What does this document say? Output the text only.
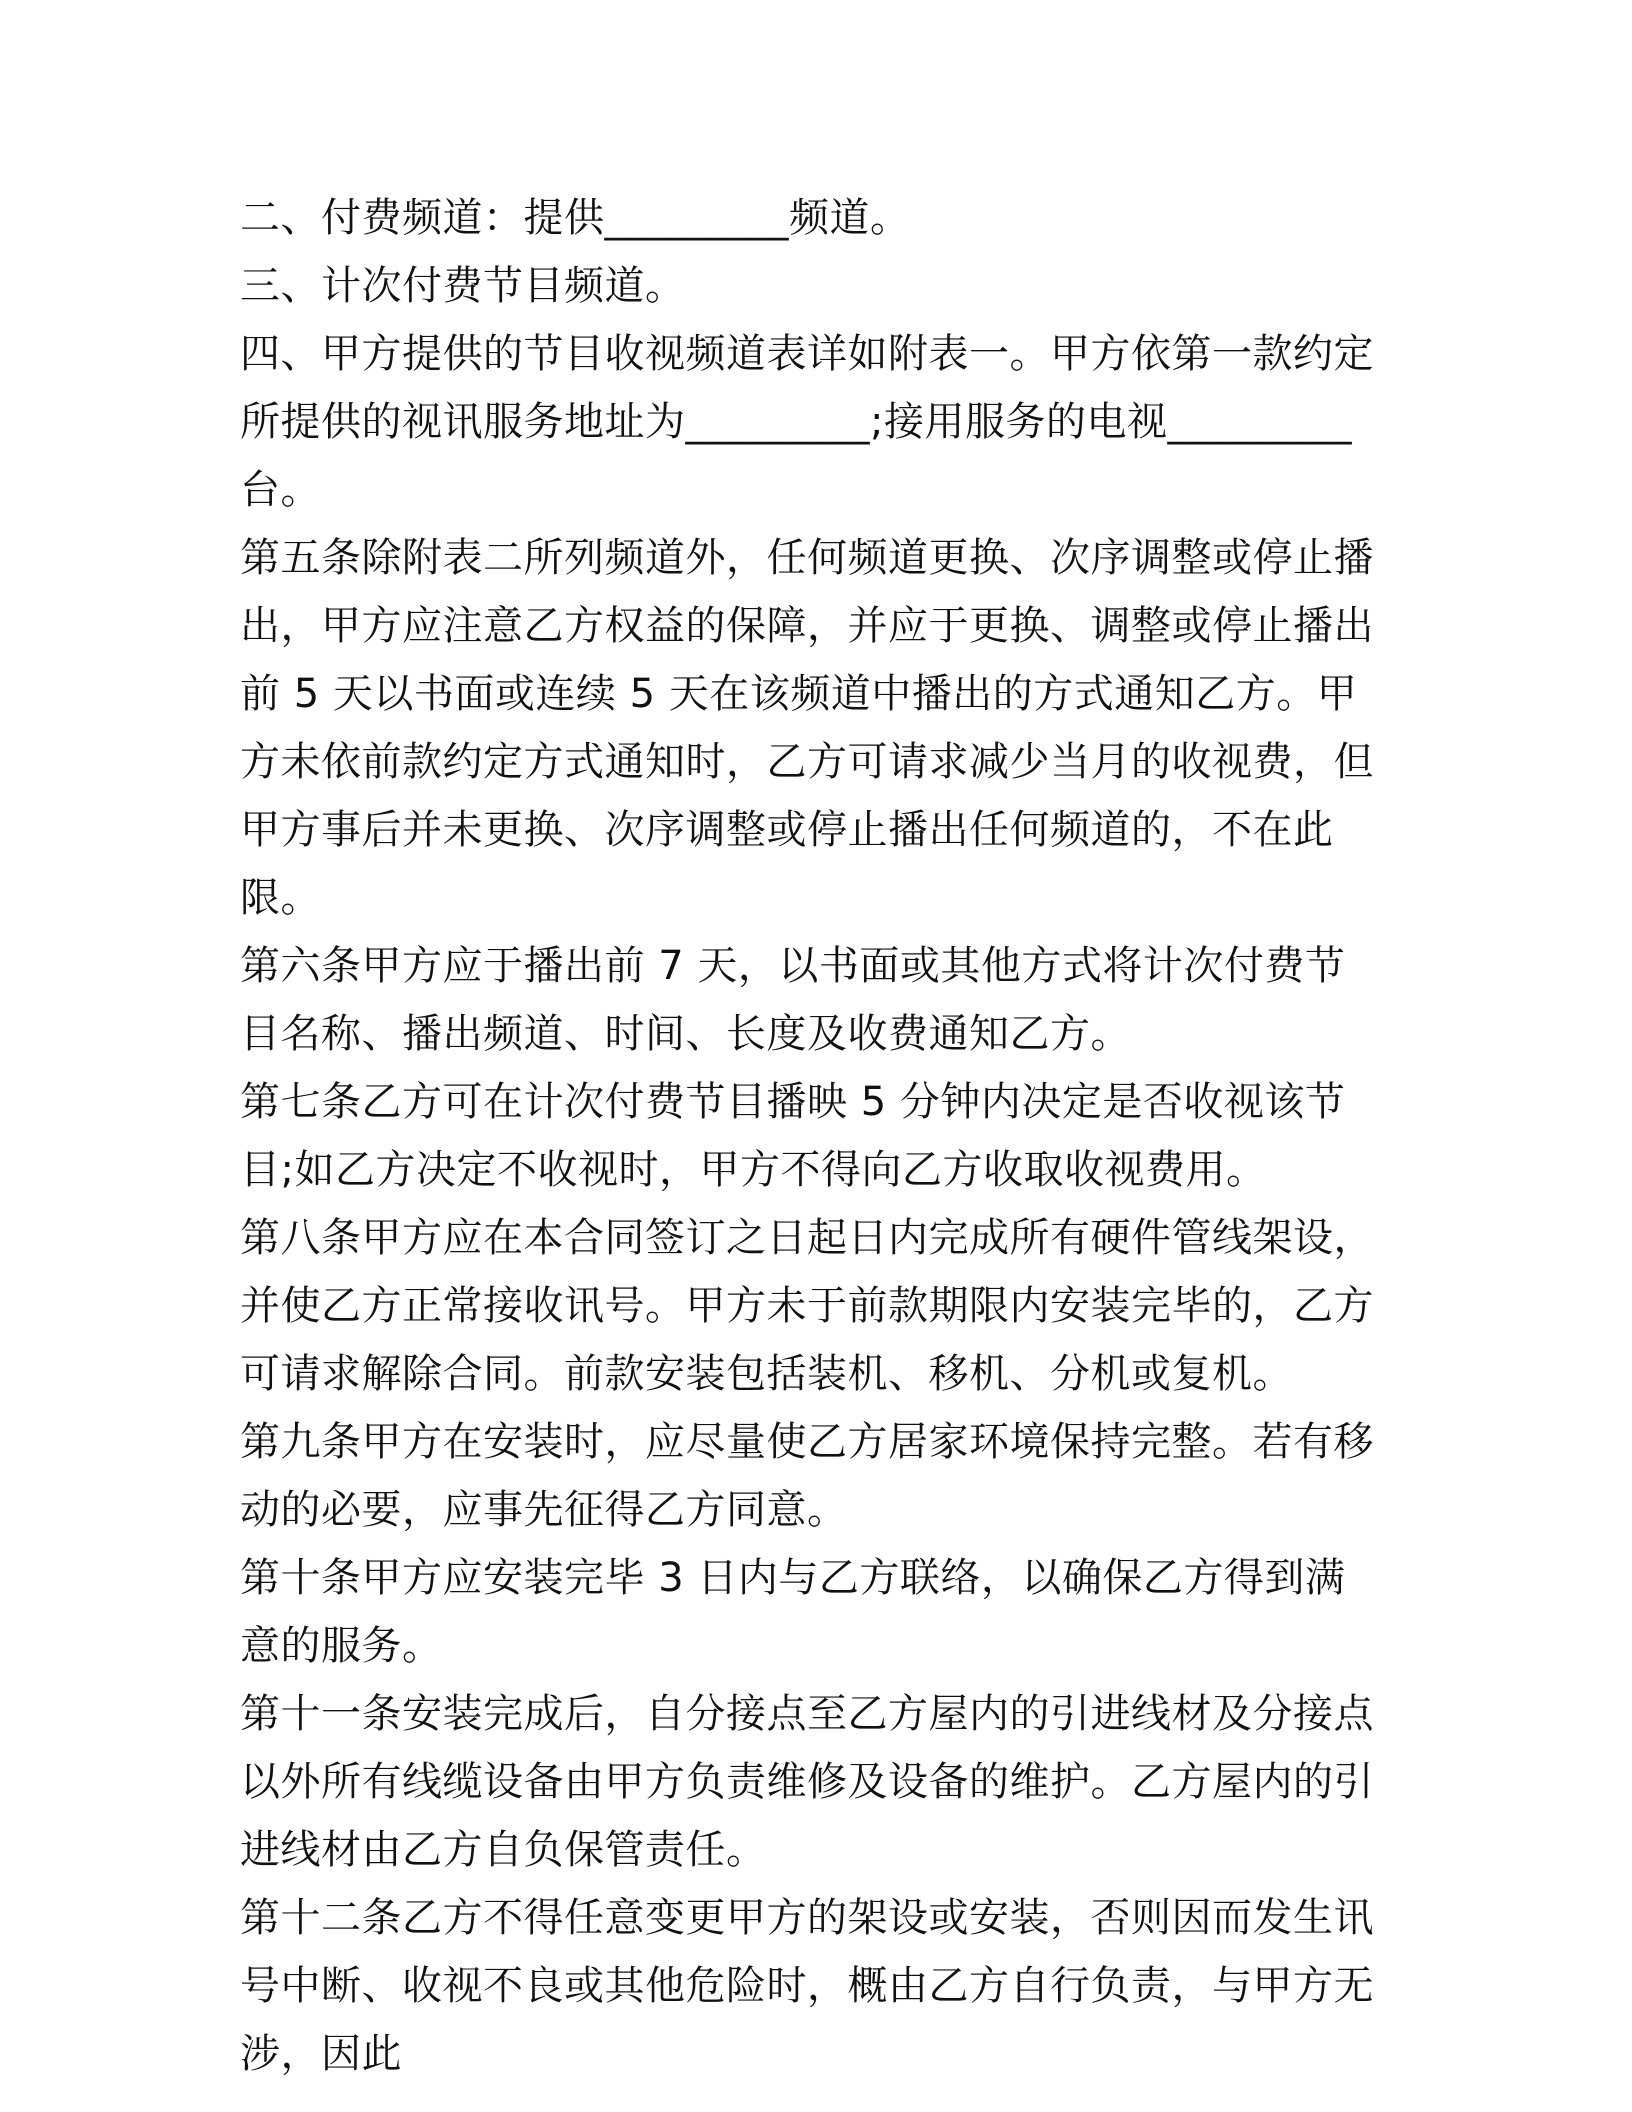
二、付费频道：提供_________频道。

三、计次付费节目频道。

四、甲方提供的节目收视频道表详如附表一。甲方依第一款约定所提供的视讯服务地址为_________;接用服务的电视_________台。

第五条除附表二所列频道外，任何频道更换、次序调整或停止播出，甲方应注意乙方权益的保障，并应于更换、调整或停止播出前 5 天以书面或连续 5 天在该频道中播出的方式通知乙方。甲方未依前款约定方式通知时，乙方可请求减少当月的收视费，但甲方事后并未更换、次序调整或停止播出任何频道的，不在此限。

第六条甲方应于播出前 7 天，以书面或其他方式将计次付费节目名称、播出频道、时间、长度及收费通知乙方。

第七条乙方可在计次付费节目播映 5 分钟内决定是否收视该节目;如乙方决定不收视时，甲方不得向乙方收取收视费用。

第八条甲方应在本合同签订之日起日内完成所有硬件管线架设，并使乙方正常接收讯号。甲方未于前款期限内安装完毕的，乙方可请求解除合同。前款安装包括装机、移机、分机或复机。

第九条甲方在安装时，应尽量使乙方居家环境保持完整。若有移动的必要，应事先征得乙方同意。

第十条甲方应安装完毕 3 日内与乙方联络，以确保乙方得到满意的服务。

第十一条安装完成后，自分接点至乙方屋内的引进线材及分接点以外所有线缆设备由甲方负责维修及设备的维护。乙方屋内的引进线材由乙方自负保管责任。

第十二条乙方不得任意变更甲方的架设或安装，否则因而发生讯号中断、收视不良或其他危险时，概由乙方自行负责，与甲方无涉，因此
